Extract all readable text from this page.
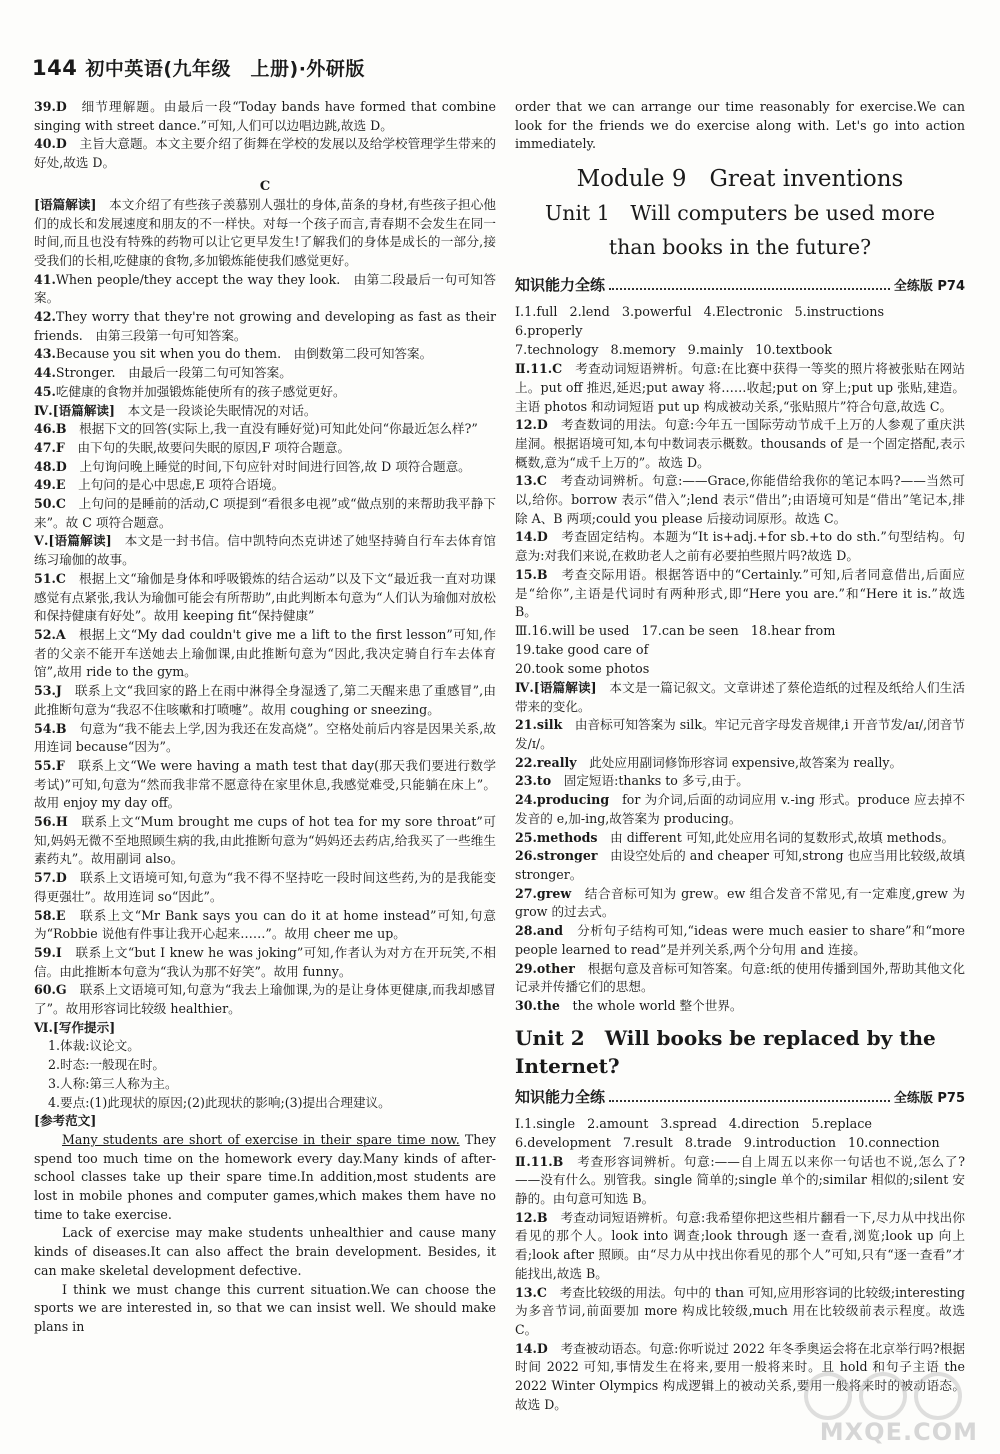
144 初中英语(九年级　上册)·外研版

39.D　细节理解题。由最后一段“Today bands have formed that combine singing with street dance.”可知,人们可以边唱边跳,故选 D。

40.D　主旨大意题。本文主要介绍了街舞在学校的发展以及给学校管理学生带来的好处,故选 D。

C

[语篇解读]　本文介绍了有些孩子羡慕别人强壮的身体,苗条的身材,有些孩子担心他们的成长和发展速度和朋友的不一样快。对每一个孩子而言,青春期不会发生在同一时间,而且也没有特殊的药物可以让它更早发生!了解我们的身体是成长的一部分,接受我们的长相,吃健康的食物,多加锻炼能使我们感觉更好。

41.When people/they accept the way they look.　由第二段最后一句可知答案。

42.They worry that they're not growing and developing as fast as their friends.　由第三段第一句可知答案。

43.Because you sit when you do them.　由倒数第二段可知答案。

44.Stronger.　由最后一段第二句可知答案。

45.吃健康的食物并加强锻炼能使所有的孩子感觉更好。

Ⅳ.[语篇解读]　本文是一段谈论失眠情况的对话。

46.B　根据下文的回答(实际上,我一直没有睡好觉)可知此处问“你最近怎么样?”

47.F　由下句的失眠,故要问失眠的原因,F 项符合题意。

48.D　上句询问晚上睡觉的时间,下句应针对时间进行回答,故 D 项符合题意。

49.E　上句问的是心中思虑,E 项符合语境。

50.C　上句问的是睡前的活动,C 项提到“看很多电视”或“做点别的来帮助我平静下来”。故 C 项符合题意。

Ⅴ.[语篇解读]　本文是一封书信。信中凯特向杰克讲述了她坚持骑自行车去体育馆练习瑜伽的故事。

51.C　根据上文“瑜伽是身体和呼吸锻炼的结合运动”以及下文“最近我一直对功课感觉有点紧张,我认为瑜伽可能会有所帮助”,由此判断本句意为“人们认为瑜伽对放松和保持健康有好处”。故用 keeping fit“保持健康”

52.A　根据上文“My dad couldn't give me a lift to the first lesson”可知,作者的父亲不能开车送她去上瑜伽课,由此推断句意为“因此,我决定骑自行车去体育馆”,故用 ride to the gym。

53.J　联系上文“我回家的路上在雨中淋得全身湿透了,第二天醒来患了重感冒”,由此推断句意为“我忍不住咳嗽和打喷嚏”。故用 coughing or sneezing。

54.B　句意为“我不能去上学,因为我还在发高烧”。空格处前后内容是因果关系,故用连词 because“因为”。

55.F　联系上文“We were having a math test that day(那天我们要进行数学考试)”可知,句意为“然而我非常不愿意待在家里休息,我感觉难受,只能躺在床上”。故用 enjoy my day off。

56.H　联系上文“Mum brought me cups of hot tea for my sore throat”可知,妈妈无微不至地照顾生病的我,由此推断句意为“妈妈还去药店,给我买了一些维生素药丸”。故用副词 also。

57.D　联系上文语境可知,句意为“我不得不坚持吃一段时间这些药,为的是我能变得更强壮”。故用连词 so“因此”。

58.E　联系上文“Mr Bank says you can do it at home instead”可知,句意为“Robbie 说他有件事让我开心起来……”。故用 cheer me up。

59.I　联系上文“but I knew he was joking”可知,作者认为对方在开玩笑,不相信。由此推断本句意为“我认为那不好笑”。故用 funny。

60.G　联系上文语境可知,句意为“我去上瑜伽课,为的是让身体更健康,而我却感冒了”。故用形容词比较级 healthier。

Ⅵ.[写作提示]

1.体裁:议论文。

2.时态:一般现在时。

3.人称:第三人称为主。

4.要点:(1)此现状的原因;(2)此现状的影响;(3)提出合理建议。

[参考范文]

Many students are short of exercise in their spare time now. They spend too much time on the homework every day.Many kinds of after-school classes take up their spare time.In addition,most students are lost in mobile phones and computer games,which makes them have no time to take exercise.

Lack of exercise may make students unhealthier and cause many kinds of diseases.It can also affect the brain development. Besides, it can make skeletal development defective.

I think we must change this current situation.We can choose the sports we are interested in, so that we can insist well. We should make plans in

order that we can arrange our time reasonably for exercise.We can look for the friends we do exercise along with. Let's go into action immediately.

Module 9　Great inventions
Unit 1　Will computers be used more
than books in the future?
知识能力全练	全练版 P74
Ⅰ.1.full 2.lend 3.powerful 4.Electronic 5.instructions
6.properly
7.technology 8.memory 9.mainly 10.textbook

Ⅱ.11.C　考查动词短语辨析。句意:在比赛中获得一等奖的照片将被张贴在网站上。put off 推迟,延迟;put away 将……收起;put on 穿上;put up 张贴,建造。主语 photos 和动词短语 put up 构成被动关系,“张贴照片”符合句意,故选 C。

12.D　考查数词的用法。句意:今年五一国际劳动节成千上万的人参观了重庆洪崖洞。根据语境可知,本句中数词表示概数。thousands of 是一个固定搭配,表示概数,意为“成千上万的”。故选 D。

13.C　考查动词辨析。句意:——Grace,你能借给我你的笔记本吗?——当然可以,给你。borrow 表示“借入”;lend 表示“借出”;由语境可知是“借出”笔记本,排除 A、B 两项;could you please 后接动词原形。故选 C。

14.D　考查固定结构。本题为“It is+adj.+for sb.+to do sth.”句型结构。句意为:对我们来说,在救助老人之前有必要拍些照片吗?故选 D。

15.B　考查交际用语。根据答语中的“Certainly.”可知,后者同意借出,后面应是“给你”,主语是代词时有两种形式,即“Here you are.”和“Here it is.”故选 B。

Ⅲ.16.will be used 17.can be seen 18.hear from
19.take good care of
20.took some photos

Ⅳ.[语篇解读]　本文是一篇记叙文。文章讲述了蔡伦造纸的过程及纸给人们生活带来的变化。

21.silk　由音标可知答案为 silk。牢记元音字母发音规律,i 开音节发/aɪ/,闭音节发/ɪ/。

22.really　此处应用副词修饰形容词 expensive,故答案为 really。

23.to　固定短语:thanks to 多亏,由于。

24.producing　for 为介词,后面的动词应用 v.-ing 形式。produce 应去掉不发音的 e,加-ing,故答案为 producing。

25.methods　由 different 可知,此处应用名词的复数形式,故填 methods。

26.stronger　由设空处后的 and cheaper 可知,strong 也应当用比较级,故填 stronger。

27.grew　结合音标可知为 grew。ew 组合发音不常见,有一定难度,grew 为 grow 的过去式。

28.and　分析句子结构可知,“ideas were much easier to share”和“more people learned to read”是并列关系,两个分句用 and 连接。

29.other　根据句意及音标可知答案。句意:纸的使用传播到国外,帮助其他文化记录并传播它们的思想。

30.the　the whole world 整个世界。

Unit 2　Will books be replaced by the Internet?
知识能力全练	全练版 P75
Ⅰ.1.single 2.amount 3.spread 4.direction 5.replace
6.development 7.result 8.trade 9.introduction 10.connection

Ⅱ.11.B　考查形容词辨析。句意:——自上周五以来你一句话也不说,怎么了?——没有什么。别管我。single 简单的;single 单个的;similar 相似的;silent 安静的。由句意可知选 B。

12.B　考查动词短语辨析。句意:我希望你把这些相片翻看一下,尽力从中找出你看见的那个人。look into 调查;look through 逐一查看,浏览;look up 向上看;look after 照顾。由“尽力从中找出你看见的那个人”可知,只有“逐一查看”才能找出,故选 B。

13.C　考查比较级的用法。句中的 than 可知,应用形容词的比较级;interesting 为多音节词,前面要加 more 构成比较级,much 用在比较级前表示程度。故选 C。

14.D　考查被动语态。句意:你听说过 2022 年冬季奥运会将在北京举行吗?根据时间 2022 可知,事情发生在将来,要用一般将来时。且 hold 和句子主语 the 2022 Winter Olympics 构成逻辑上的被动关系,要用一般将来时的被动语态。故选 D。

MXQE.COM
